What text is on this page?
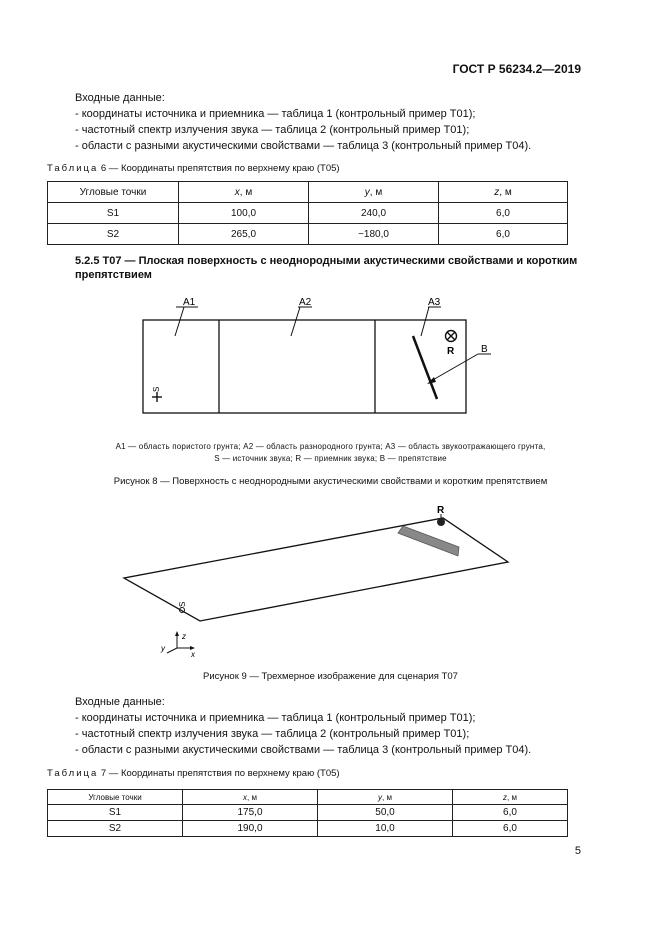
ГОСТ Р 56234.2—2019

Входные данные:

- координаты источника и приемника — таблица 1 (контрольный пример T01);
- частотный спектр излучения звука — таблица 2 (контрольный пример T01);
- области с разными акустическими свойствами — таблица 3 (контрольный пример T04).
Таблица 6 — Координаты препятствия по верхнему краю (T05)
Угловые точки	x, м	y, м	z, м
S1	100,0	240,0	6,0
S2	265,0	−180,0	6,0
5.2.5 T07 — Плоская поверхность с неоднородными акустическими свойствами и коротким препятствием
A1	A2	A3
R	B
S
A1 — область пористого грунта; A2 — область разнородного грунта; A3 — область звукоотражающего грунта,
S — источник звука; R — приемник звука; B — препятствие
Рисунок 8 — Поверхность с неоднородными акустическими свойствами и коротким препятствием
R
S
z
x
y
Рисунок 9 — Трехмерное изображение для сценария T07

Входные данные:

- координаты источника и приемника — таблица 1 (контрольный пример T01);
- частотный спектр излучения звука — таблица 2 (контрольный пример T01);
- области с разными акустическими свойствами — таблица 3 (контрольный пример T04).
Таблица 7 — Координаты препятствия по верхнему краю (T05)
Угловые точки	x, м	y, м	z, м
S1	175,0	50,0	6,0
S2	190,0	10,0	6,0
5
